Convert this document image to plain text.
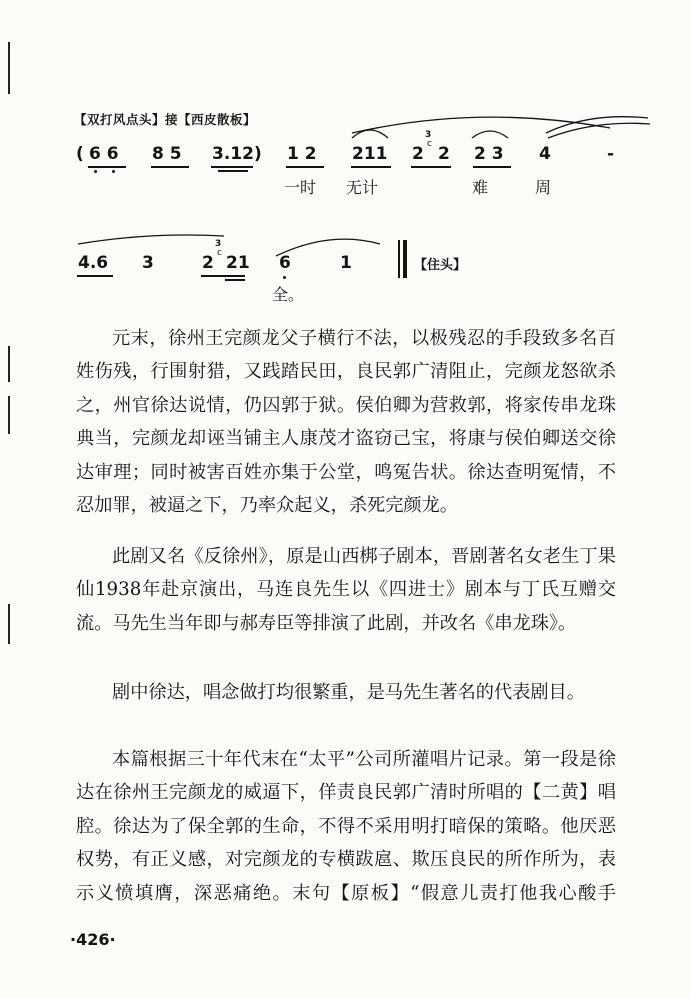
【双打风点头】接【西皮散板】
( 6 6 8 5 3.12) 1 2 211 2 2 2 3 4	-
3
c
一时 无计	难	周
4.6 3	2 21 6	1
3
c
全。
【住头】

元末，徐州王完颜龙父子横行不法，以极残忍的手段致多名百姓伤残，行围射猎，又践踏民田，良民郭广清阻止，完颜龙怒欲杀之，州官徐达说情，仍囚郭于狱。侯伯卿为营救郭，将家传串龙珠典当，完颜龙却诬当铺主人康茂才盗窃己宝，将康与侯伯卿送交徐达审理；同时被害百姓亦集于公堂，鸣冤告状。徐达查明冤情，不忍加罪，被逼之下，乃率众起义，杀死完颜龙。

此剧又名《反徐州》，原是山西梆子剧本，晋剧著名女老生丁果仙1938年赴京演出，马连良先生以《四进士》剧本与丁氏互赠交流。马先生当年即与郝寿臣等排演了此剧，并改名《串龙珠》。

剧中徐达，唱念做打均很繁重，是马先生著名的代表剧目。

本篇根据三十年代末在“太平”公司所灌唱片记录。第一段是徐达在徐州王完颜龙的威逼下，佯责良民郭广清时所唱的【二黄】唱腔。徐达为了保全郭的生命，不得不采用明打暗保的策略。他厌恶权势，有正义感，对完颜龙的专横跋扈、欺压良民的所作所为，表示义愤填膺，深恶痛绝。末句【原板】“假意儿责打他我心酸手

·426·
